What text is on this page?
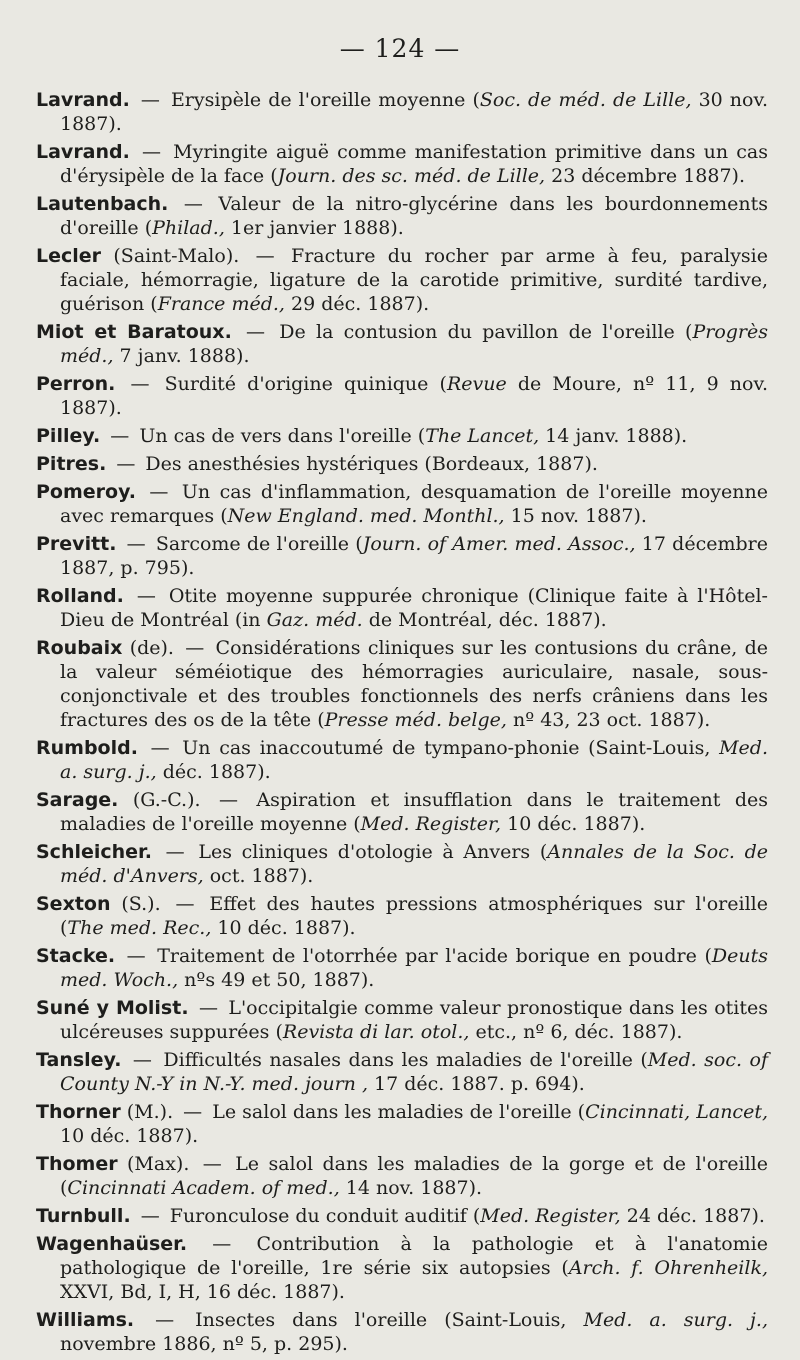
— 124 —

Lavrand. — Erysipèle de l'oreille moyenne (Soc. de méd. de Lille, 30 nov. 1887).

Lavrand. — Myringite aiguë comme manifestation primitive dans un cas d'érysipèle de la face (Journ. des sc. méd. de Lille, 23 décembre 1887).

Lautenbach. — Valeur de la nitro-glycérine dans les bourdonnements d'oreille (Philad., 1er janvier 1888).

Lecler (Saint-Malo). — Fracture du rocher par arme à feu, paralysie faciale, hémorragie, ligature de la carotide primitive, surdité tardive, guérison (France méd., 29 déc. 1887).

Miot et Baratoux. — De la contusion du pavillon de l'oreille (Progrès méd., 7 janv. 1888).

Perron. — Surdité d'origine quinique (Revue de Moure, nº 11, 9 nov. 1887).

Pilley. — Un cas de vers dans l'oreille (The Lancet, 14 janv. 1888).

Pitres. — Des anesthésies hystériques (Bordeaux, 1887).

Pomeroy. — Un cas d'inflammation, desquamation de l'oreille moyenne avec remarques (New England. med. Monthl., 15 nov. 1887).

Previtt. — Sarcome de l'oreille (Journ. of Amer. med. Assoc., 17 décembre 1887, p. 795).

Rolland. — Otite moyenne suppurée chronique (Clinique faite à l'Hôtel-Dieu de Montréal (in Gaz. méd. de Montréal, déc. 1887).

Roubaix (de). — Considérations cliniques sur les contusions du crâne, de la valeur séméiotique des hémorragies auriculaire, nasale, sous-conjonctivale et des troubles fonctionnels des nerfs crâniens dans les fractures des os de la tête (Presse méd. belge, nº 43, 23 oct. 1887).

Rumbold. — Un cas inaccoutumé de tympano-phonie (Saint-Louis, Med. a. surg. j., déc. 1887).

Sarage. (G.-C.). — Aspiration et insufflation dans le traitement des maladies de l'oreille moyenne (Med. Register, 10 déc. 1887).

Schleicher. — Les cliniques d'otologie à Anvers (Annales de la Soc. de méd. d'Anvers, oct. 1887).

Sexton (S.). — Effet des hautes pressions atmosphériques sur l'oreille (The med. Rec., 10 déc. 1887).

Stacke. — Traitement de l'otorrhée par l'acide borique en poudre (Deuts med. Woch., nºs 49 et 50, 1887).

Suné y Molist. — L'occipitalgie comme valeur pronostique dans les otites ulcéreuses suppurées (Revista di lar. otol., etc., nº 6, déc. 1887).

Tansley. — Difficultés nasales dans les maladies de l'oreille (Med. soc. of County N.-Y in N.-Y. med. journ , 17 déc. 1887. p. 694).

Thorner (M.). — Le salol dans les maladies de l'oreille (Cincinnati, Lancet, 10 déc. 1887).

Thomer (Max). — Le salol dans les maladies de la gorge et de l'oreille (Cincinnati Academ. of med., 14 nov. 1887).

Turnbull. — Furonculose du conduit auditif (Med. Register, 24 déc. 1887).

Wagenhaüser. — Contribution à la pathologie et à l'anatomie pathologique de l'oreille, 1re série six autopsies (Arch. f. Ohrenheilk, XXVI, Bd, I, H, 16 déc. 1887).

Williams. — Insectes dans l'oreille (Saint-Louis, Med. a. surg. j., novembre 1886, nº 5, p. 295).
